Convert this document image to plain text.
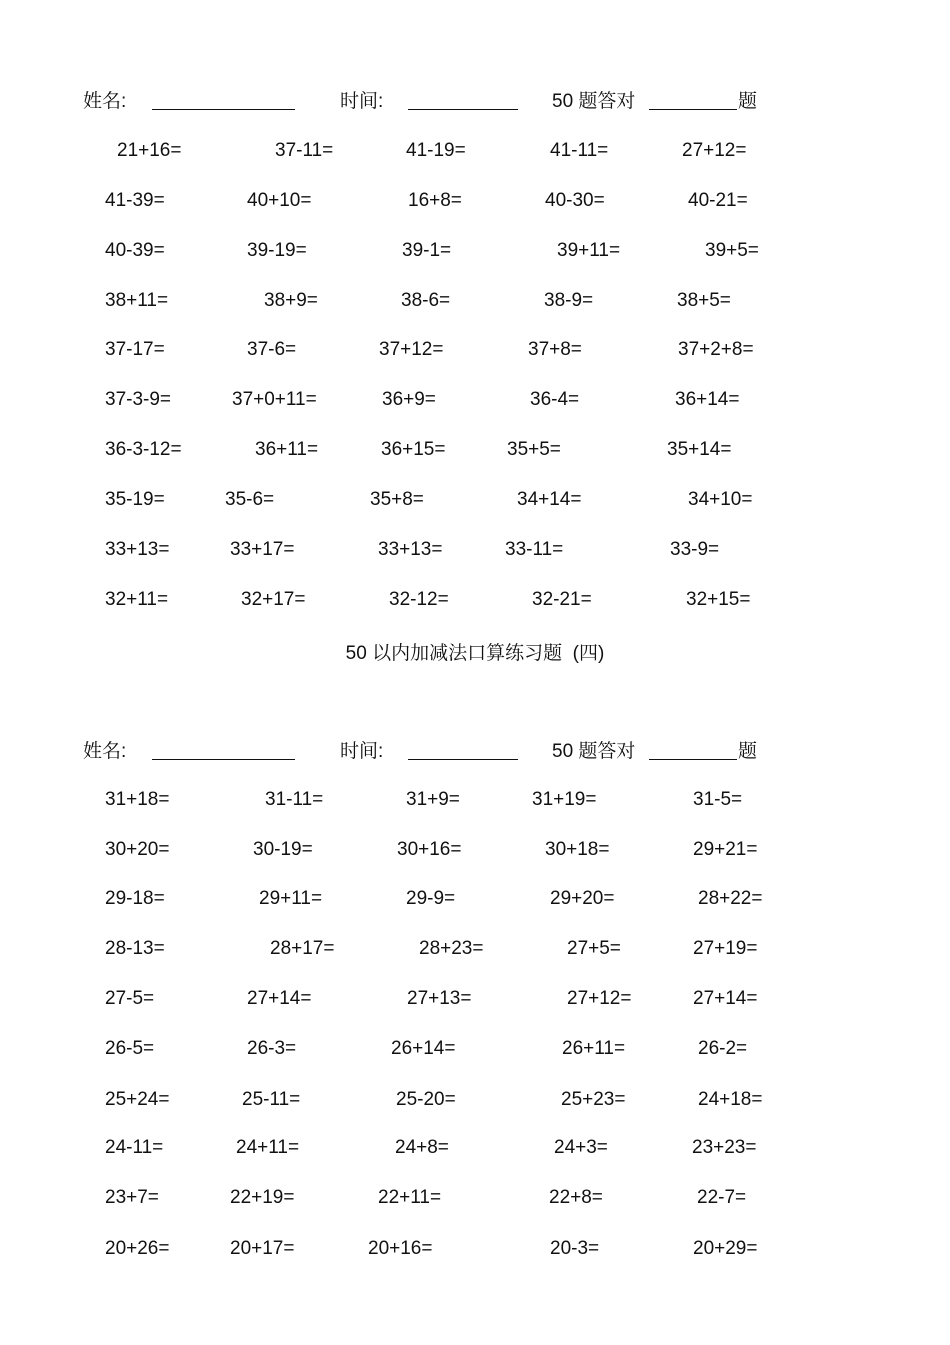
姓名:	时间:	50 题答对	题
21+16=	37-11=	41-19=	41-11=	27+12=
41-39=	40+10=	16+8=	40-30=	40-21=
40-39=	39-19=	39-1=	39+11=	39+5=
38+11=	38+9=	38-6=	38-9=	38+5=
37-17=	37-6=	37+12=	37+8=	37+2+8=
37-3-9=	37+0+11=	36+9=	36-4=	36+14=
36-3-12=	36+11=	36+15=	35+5=	35+14=
35-19=	35-6=	35+8=	34+14=	34+10=
33+13=	33+17=	33+13=	33-11=	33-9=
32+11=	32+17=	32-12=	32-21=	32+15=
50 以内加减法口算练习题  (四)
姓名:	时间:	50 题答对	题
31+18=	31-11=	31+9=	31+19=	31-5=
30+20=	30-19=	30+16=	30+18=	29+21=
29-18=	29+11=	29-9=	29+20=	28+22=
28-13=	28+17=	28+23=	27+5=	27+19=
27-5=	27+14=	27+13=	27+12=	27+14=
26-5=	26-3=	26+14=	26+11=	26-2=
25+24=	25-11=	25-20=	25+23=	24+18=
24-11=	24+11=	24+8=	24+3=	23+23=
23+7=	22+19=	22+11=	22+8=	22-7=
20+26=	20+17=	20+16=	20-3=	20+29=
